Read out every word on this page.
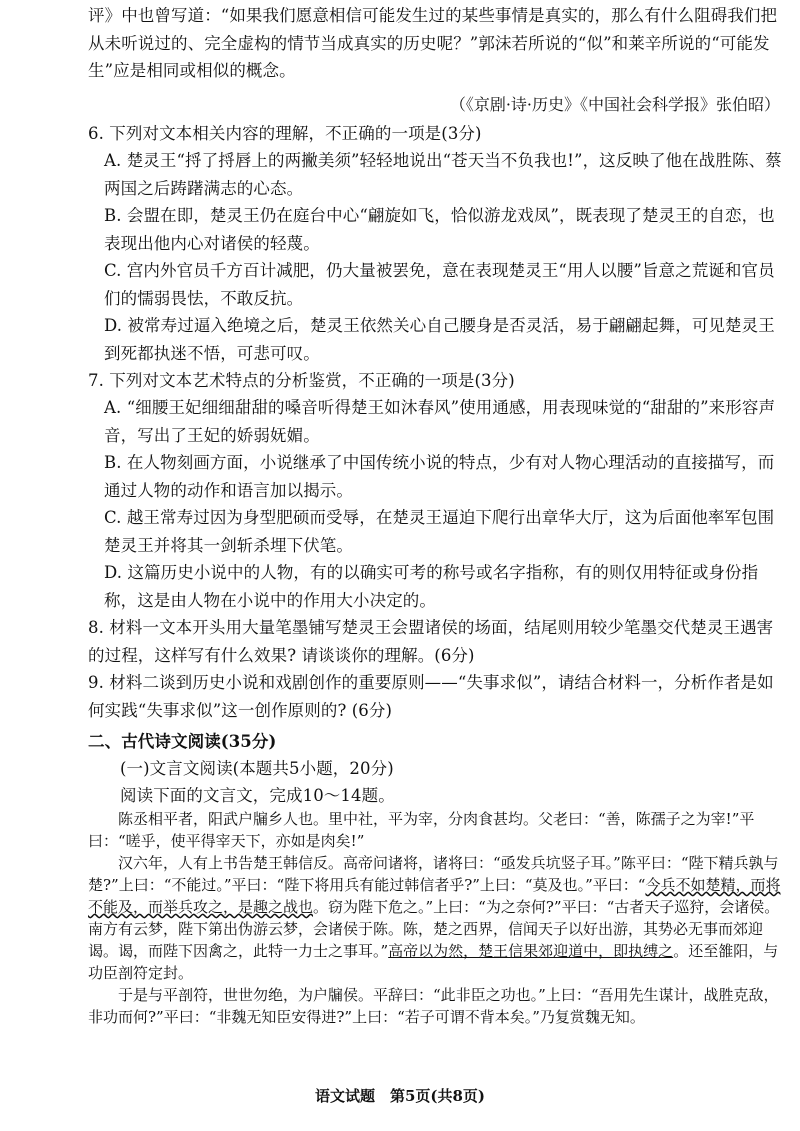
评》中也曾写道：“如果我们愿意相信可能发生过的某些事情是真实的，那么有什么阻碍我们把从未听说过的、完全虚构的情节当成真实的历史呢？”郭沫若所说的“似”和莱辛所说的“可能发生”应是相同或相似的概念。

（《京剧·诗·历史》《中国社会科学报》张伯昭）

6. 下列对文本相关内容的理解，不正确的一项是(3分)

A. 楚灵王“捋了捋唇上的两撇美须”轻轻地说出“苍天当不负我也!”，这反映了他在战胜陈、蔡两国之后踌躇满志的心态。

B. 会盟在即，楚灵王仍在庭台中心“翩旋如飞，恰似游龙戏凤”，既表现了楚灵王的自恋，也表现出他内心对诸侯的轻蔑。

C. 宫内外官员千方百计减肥，仍大量被罢免，意在表现楚灵王“用人以腰”旨意之荒诞和官员们的懦弱畏怯，不敢反抗。

D. 被常寿过逼入绝境之后，楚灵王依然关心自己腰身是否灵活，易于翩翩起舞，可见楚灵王到死都执迷不悟，可悲可叹。

7. 下列对文本艺术特点的分析鉴赏，不正确的一项是(3分)

A. “细腰王妃细细甜甜的嗓音听得楚王如沐春风”使用通感，用表现味觉的“甜甜的”来形容声音，写出了王妃的娇弱妩媚。

B. 在人物刻画方面，小说继承了中国传统小说的特点，少有对人物心理活动的直接描写，而通过人物的动作和语言加以揭示。

C. 越王常寿过因为身型肥硕而受辱，在楚灵王逼迫下爬行出章华大厅，这为后面他率军包围楚灵王并将其一剑斩杀埋下伏笔。

D. 这篇历史小说中的人物，有的以确实可考的称号或名字指称，有的则仅用特征或身份指称，这是由人物在小说中的作用大小决定的。

8. 材料一文本开头用大量笔墨铺写楚灵王会盟诸侯的场面，结尾则用较少笔墨交代楚灵王遇害的过程，这样写有什么效果? 请谈谈你的理解。(6分)

9. 材料二谈到历史小说和戏剧创作的重要原则——“失事求似”，请结合材料一，分析作者是如何实践“失事求似”这一创作原则的? (6分)

二、古代诗文阅读(35分)

(一)文言文阅读(本题共5小题，20分)

阅读下面的文言文，完成10～14题。

陈丞相平者，阳武户牖乡人也。里中社，平为宰，分肉食甚均。父老曰：“善，陈孺子之为宰!”平曰：“嗟乎，使平得宰天下，亦如是肉矣!”

汉六年，人有上书告楚王韩信反。高帝问诸将，诸将曰：“亟发兵坑竖子耳。”陈平曰：“陛下精兵孰与楚?”上曰：“不能过。”平曰：“陛下将用兵有能过韩信者乎?”上曰：“莫及也。”平曰：“今兵不如楚精，而将不能及，而举兵攻之，是趣之战也。窃为陛下危之。”上曰：“为之奈何?”平曰：“古者天子巡狩，会诸侯。南方有云梦，陛下第出伪游云梦，会诸侯于陈。陈，楚之西界，信闻天子以好出游，其势必无事而郊迎谒。谒，而陛下因禽之，此特一力士之事耳。”高帝以为然，楚王信果郊迎道中，即执缚之。还至雒阳，与功臣剖符定封。

于是与平剖符，世世勿绝，为户牖侯。平辞曰：“此非臣之功也。”上曰：“吾用先生谋计，战胜克敌，非功而何?”平曰：“非魏无知臣安得进?”上曰：“若子可谓不背本矣。”乃复赏魏无知。

语文试题　第5页(共8页)
